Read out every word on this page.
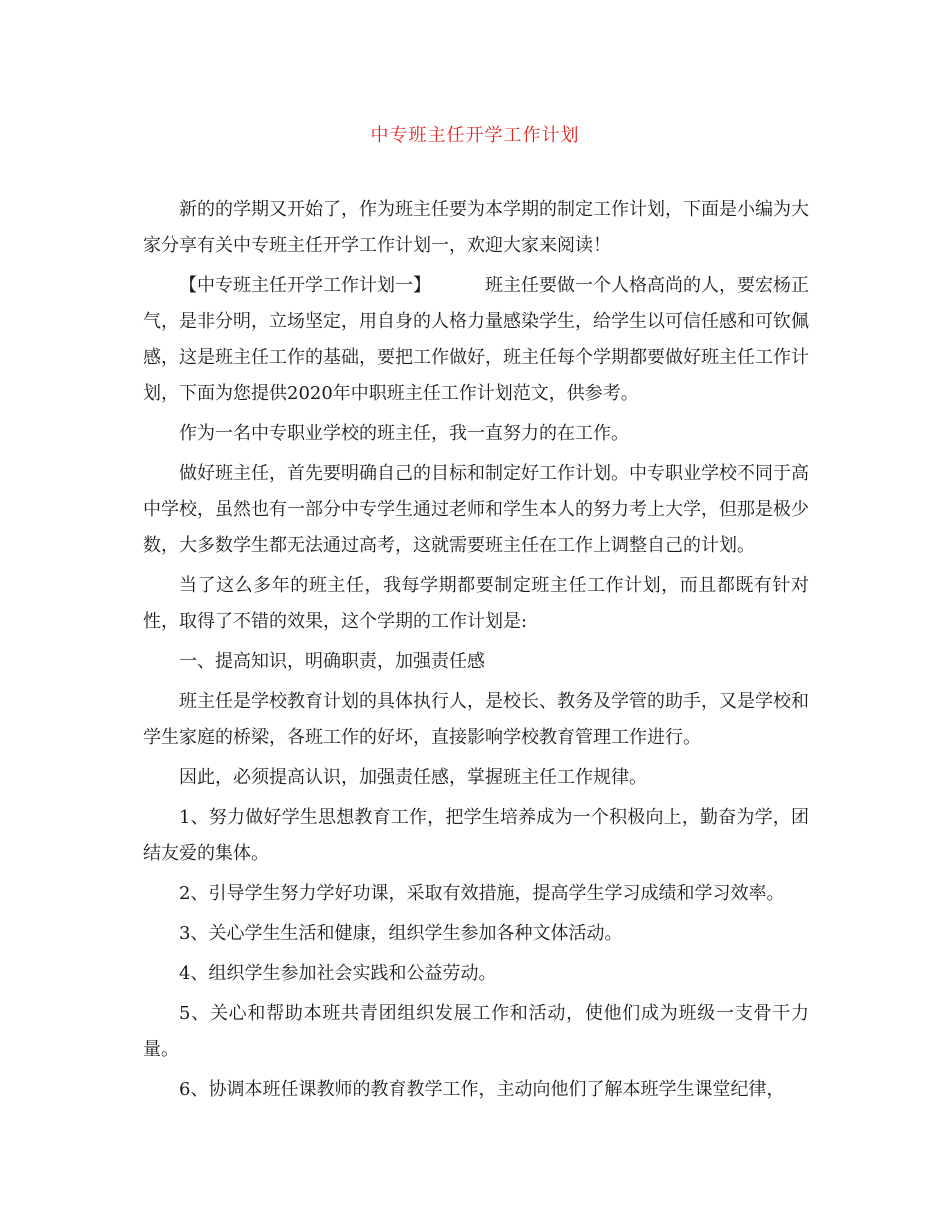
中专班主任开学工作计划

新的的学期又开始了，作为班主任要为本学期的制定工作计划，下面是小编为大家分享有关中专班主任开学工作计划一，欢迎大家来阅读！

【中专班主任开学工作计划一】	班主任要做一个人格高尚的人，要宏杨正气，是非分明，立场坚定，用自身的人格力量感染学生，给学生以可信任感和可钦佩感，这是班主任工作的基础，要把工作做好，班主任每个学期都要做好班主任工作计划，下面为您提供2020年中职班主任工作计划范文，供参考。

作为一名中专职业学校的班主任，我一直努力的在工作。

做好班主任，首先要明确自己的目标和制定好工作计划。中专职业学校不同于高中学校，虽然也有一部分中专学生通过老师和学生本人的努力考上大学，但那是极少数，大多数学生都无法通过高考，这就需要班主任在工作上调整自己的计划。

当了这么多年的班主任，我每学期都要制定班主任工作计划，而且都既有针对性，取得了不错的效果，这个学期的工作计划是:

一、提高知识，明确职责，加强责任感

班主任是学校教育计划的具体执行人，是校长、教务及学管的助手，又是学校和学生家庭的桥梁，各班工作的好坏，直接影响学校教育管理工作进行。

因此，必须提高认识，加强责任感，掌握班主任工作规律。

1、努力做好学生思想教育工作，把学生培养成为一个积极向上，勤奋为学，团结友爱的集体。

2、引导学生努力学好功课，采取有效措施，提高学生学习成绩和学习效率。

3、关心学生生活和健康，组织学生参加各种文体活动。

4、组织学生参加社会实践和公益劳动。

5、关心和帮助本班共青团组织发展工作和活动，使他们成为班级一支骨干力量。

6、协调本班任课教师的教育教学工作，主动向他们了解本班学生课堂纪律，
